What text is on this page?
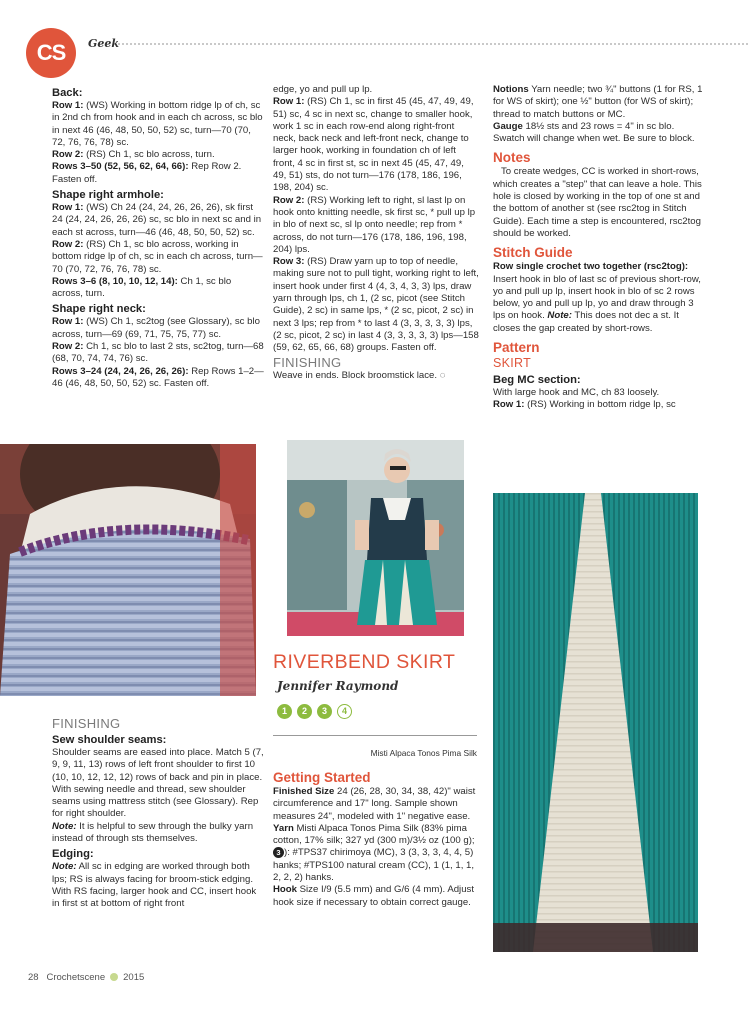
CS	Geek
Back:

Row 1: (WS) Working in bottom ridge lp of ch, sc in 2nd ch from hook and in each ch across, sc blo in next 46 (46, 48, 50, 50, 52) sc, turn—70 (70, 72, 76, 76, 78) sc.

Row 2: (RS) Ch 1, sc blo across, turn.

Rows 3–50 (52, 56, 62, 64, 66): Rep Row 2. Fasten off.

Shape right armhole:

Row 1: (WS) Ch 24 (24, 24, 26, 26, 26), sk first 24 (24, 24, 26, 26, 26) sc, sc blo in next sc and in each st across, turn—46 (46, 48, 50, 50, 52) sc.

Row 2: (RS) Ch 1, sc blo across, working in bottom ridge lp of ch, sc in each ch across, turn—70 (70, 72, 76, 76, 78) sc.

Rows 3–6 (8, 10, 10, 12, 14): Ch 1, sc blo across, turn.

Shape right neck:

Row 1: (WS) Ch 1, sc2tog (see Glossary), sc blo across, turn—69 (69, 71, 75, 75, 77) sc.

Row 2: Ch 1, sc blo to last 2 sts, sc2tog, turn—68 (68, 70, 74, 74, 76) sc.

Rows 3–24 (24, 24, 26, 26, 26): Rep Rows 1–2—46 (46, 48, 50, 50, 52) sc. Fasten off.

FINISHING
Sew shoulder seams:

Shoulder seams are eased into place. Match 5 (7, 9, 9, 11, 13) rows of left front shoulder to first 10 (10, 10, 12, 12, 12) rows of back and pin in place. With sewing needle and thread, sew shoulder seams using mattress stitch (see Glossary). Rep for right shoulder.

Note: It is helpful to sew through the bulky yarn instead of through sts themselves.

Edging:

Note: All sc in edging are worked through both lps; RS is always facing for broom-stick edging.

With RS facing, larger hook and CC, insert hook in first st at bottom of right front

edge, yo and pull up lp.

Row 1: (RS) Ch 1, sc in first 45 (45, 47, 49, 49, 51) sc, 4 sc in next sc, change to smaller hook, work 1 sc in each row-end along right-front neck, back neck and left-front neck, change to larger hook, working in foundation ch of left front, 4 sc in first st, sc in next 45 (45, 47, 49, 49, 51) sts, do not turn—176 (178, 186, 196, 198, 204) sc.

Row 2: (RS) Working left to right, sl last lp on hook onto knitting needle, sk first sc, * pull up lp in blo of next sc, sl lp onto needle; rep from * across, do not turn—176 (178, 186, 196, 198, 204) lps.

Row 3: (RS) Draw yarn up to top of needle, making sure not to pull tight, working right to left, insert hook under first 4 (4, 3, 4, 3, 3) lps, draw yarn through lps, ch 1, (2 sc, picot (see Stitch Guide), 2 sc) in same lps, * (2 sc, picot, 2 sc) in next 3 lps; rep from * to last 4 (3, 3, 3, 3, 3) lps, (2 sc, picot, 2 sc) in last 4 (3, 3, 3, 3, 3) lps—158 (59, 62, 65, 66, 68) groups. Fasten off.

FINISHING

Weave in ends. Block broomstick lace. ◌

RIVERBEND SKIRT
Jennifer Raymond
1	2	3	4
Misti Alpaca Tonos Pima Silk
Getting Started

Finished Size 24 (26, 28, 30, 34, 38, 42)" waist circumference and 17" long. Sample shown measures 24", modeled with 1" negative ease.

Yarn Misti Alpaca Tonos Pima Silk (83% pima cotton, 17% silk; 327 yd (300 m)/3½ oz (100 g); 3 ): #TPS37 chirimoya (MC), 3 (3, 3, 3, 4, 4, 5) hanks; #TPS100 natural cream (CC), 1 (1, 1, 1, 2, 2, 2) hanks.

Hook Size I/9 (5.5 mm) and G/6 (4 mm). Adjust hook size if necessary to obtain correct gauge.

Notions Yarn needle; two ¾" buttons (1 for RS, 1 for WS of skirt); one ½" button (for WS of skirt); thread to match buttons or MC.

Gauge 18½ sts and 23 rows = 4" in sc blo. Swatch will change when wet. Be sure to block.

Notes

To create wedges, CC is worked in short-rows, which creates a "step" that can leave a hole. This hole is closed by working in the top of one st and the bottom of another st (see rsc2tog in Stitch Guide). Each time a step is encountered, rsc2tog should be worked.

Stitch Guide

Row single crochet two together (rsc2tog): Insert hook in blo of last sc of previous short-row, yo and pull up lp, insert hook in blo of sc 2 rows below, yo and pull up lp, yo and draw through 3 lps on hook. Note: This does not dec a st. It closes the gap created by short-rows.

Pattern
SKIRT
Beg MC section:

With large hook and MC, ch 83 loosely.

Row 1: (RS) Working in bottom ridge lp, sc

28 Crochetscene 2015
